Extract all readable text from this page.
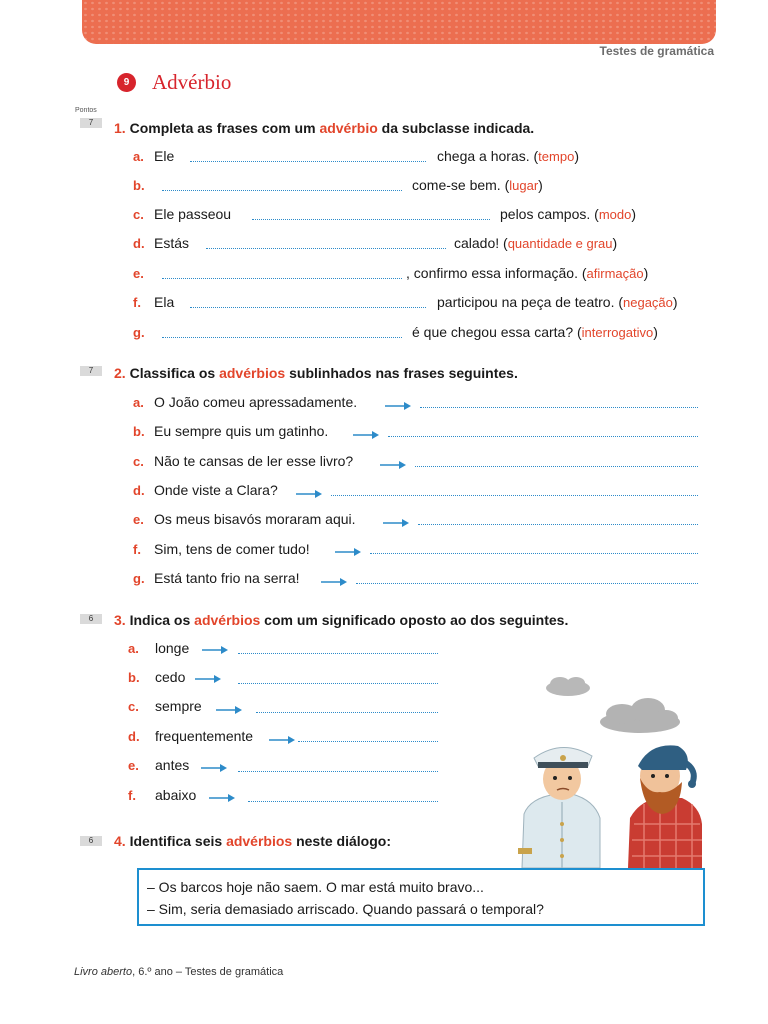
Testes de gramática
9	Advérbio
Pontos
7	1. Completa as frases com um advérbio da subclasse indicada.
a. Ele	chega a horas. (tempo)
b.	come-se bem. (lugar)
c. Ele passeou	pelos campos. (modo)
d. Estás	calado! (quantidade e grau)
e.	, confirmo essa informação. (afirmação)
f. Ela	participou na peça de teatro. (negação)
g.	é que chegou essa carta? (interrogativo)
7	2. Classifica os advérbios sublinhados nas frases seguintes.
a. O João comeu apressadamente.
b. Eu sempre quis um gatinho.
c. Não te cansas de ler esse livro?
d. Onde viste a Clara?
e. Os meus bisavós moraram aqui.
f. Sim, tens de comer tudo!
g. Está tanto frio na serra!
6	3. Indica os advérbios com um significado oposto ao dos seguintes.
a. longe
b. cedo
c. sempre
d. frequentemente
e. antes
f. abaixo
6	4. Identifica seis advérbios neste diálogo:
– Os barcos hoje não saem. O mar está muito bravo...
– Sim, seria demasiado arriscado. Quando passará o temporal?
Livro aberto, 6.º ano – Testes de gramática
